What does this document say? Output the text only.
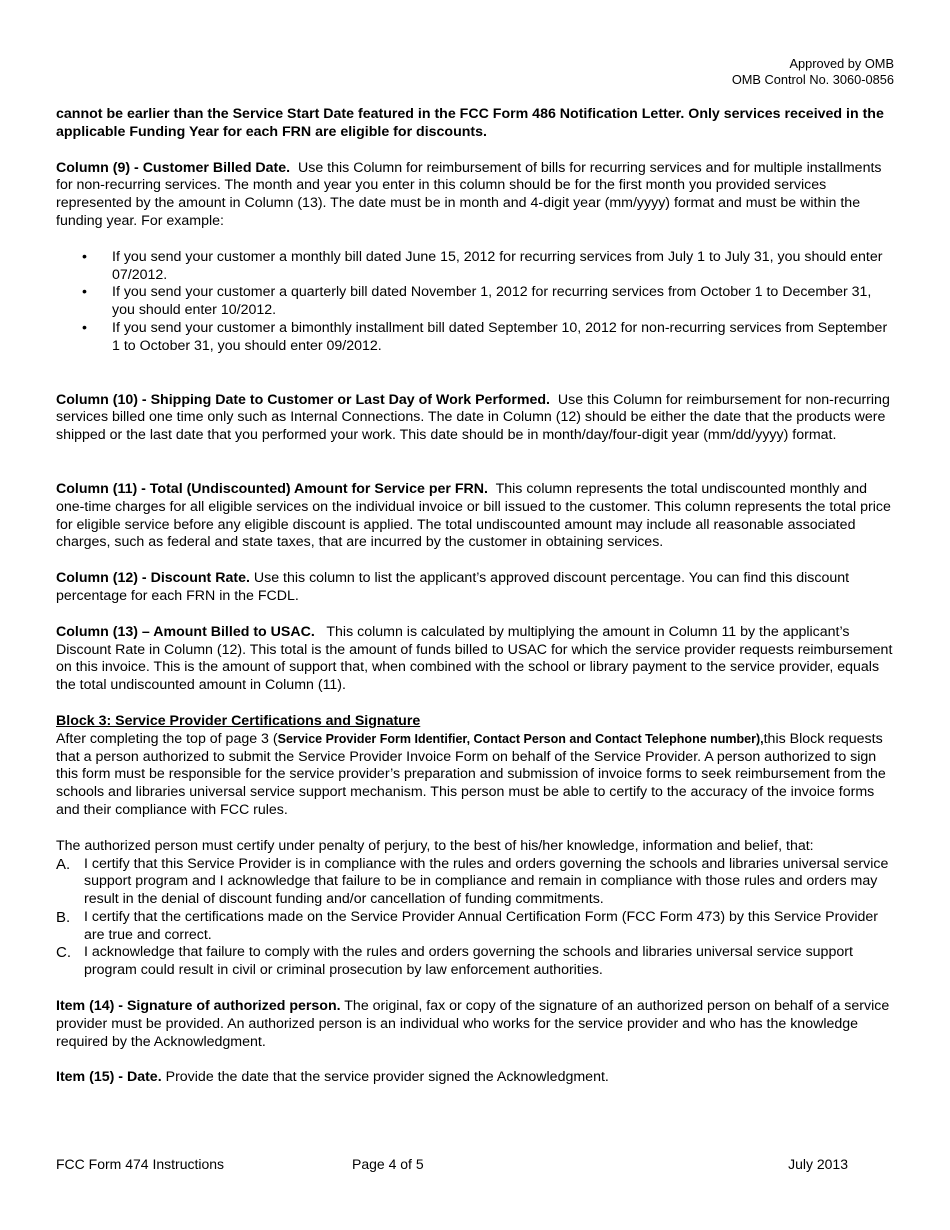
Approved by OMB
OMB Control No. 3060-0856

cannot be earlier than the Service Start Date featured in the FCC Form 486 Notification Letter. Only services received in the applicable Funding Year for each FRN are eligible for discounts.

Column (9) - Customer Billed Date. Use this Column for reimbursement of bills for recurring services and for multiple installments for non-recurring services. The month and year you enter in this column should be for the first month you provided services represented by the amount in Column (13). The date must be in month and 4-digit year (mm/yyyy) format and must be within the funding year. For example:

• If you send your customer a monthly bill dated June 15, 2012 for recurring services from July 1 to July 31, you should enter 07/2012.
• If you send your customer a quarterly bill dated November 1, 2012 for recurring services from October 1 to December 31, you should enter 10/2012.
• If you send your customer a bimonthly installment bill dated September 10, 2012 for non-recurring services from September 1 to October 31, you should enter 09/2012.

Column (10) - Shipping Date to Customer or Last Day of Work Performed. Use this Column for reimbursement for non-recurring services billed one time only such as Internal Connections. The date in Column (12) should be either the date that the products were shipped or the last date that you performed your work. This date should be in month/day/four-digit year (mm/dd/yyyy) format.

Column (11) - Total (Undiscounted) Amount for Service per FRN. This column represents the total undiscounted monthly and one-time charges for all eligible services on the individual invoice or bill issued to the customer. This column represents the total price for eligible service before any eligible discount is applied. The total undiscounted amount may include all reasonable associated charges, such as federal and state taxes, that are incurred by the customer in obtaining services.

Column (12) - Discount Rate. Use this column to list the applicant’s approved discount percentage. You can find this discount percentage for each FRN in the FCDL.

Column (13) – Amount Billed to USAC. This column is calculated by multiplying the amount in Column 11 by the applicant’s Discount Rate in Column (12). This total is the amount of funds billed to USAC for which the service provider requests reimbursement on this invoice. This is the amount of support that, when combined with the school or library payment to the service provider, equals the total undiscounted amount in Column (11).

Block 3: Service Provider Certifications and Signature

After completing the top of page 3 (Service Provider Form Identifier, Contact Person and Contact Telephone number),this Block requests that a person authorized to submit the Service Provider Invoice Form on behalf of the Service Provider. A person authorized to sign this form must be responsible for the service provider’s preparation and submission of invoice forms to seek reimbursement from the schools and libraries universal service support mechanism. This person must be able to certify to the accuracy of the invoice forms and their compliance with FCC rules.

The authorized person must certify under penalty of perjury, to the best of his/her knowledge, information and belief, that:

A. I certify that this Service Provider is in compliance with the rules and orders governing the schools and libraries universal service support program and I acknowledge that failure to be in compliance and remain in compliance with those rules and orders may result in the denial of discount funding and/or cancellation of funding commitments.
B. I certify that the certifications made on the Service Provider Annual Certification Form (FCC Form 473) by this Service Provider are true and correct.
C. I acknowledge that failure to comply with the rules and orders governing the schools and libraries universal service support program could result in civil or criminal prosecution by law enforcement authorities.

Item (14) - Signature of authorized person. The original, fax or copy of the signature of an authorized person on behalf of a service provider must be provided. An authorized person is an individual who works for the service provider and who has the knowledge required by the Acknowledgment.

Item (15) - Date. Provide the date that the service provider signed the Acknowledgment.

FCC Form 474 Instructions	Page 4 of 5	July 2013
